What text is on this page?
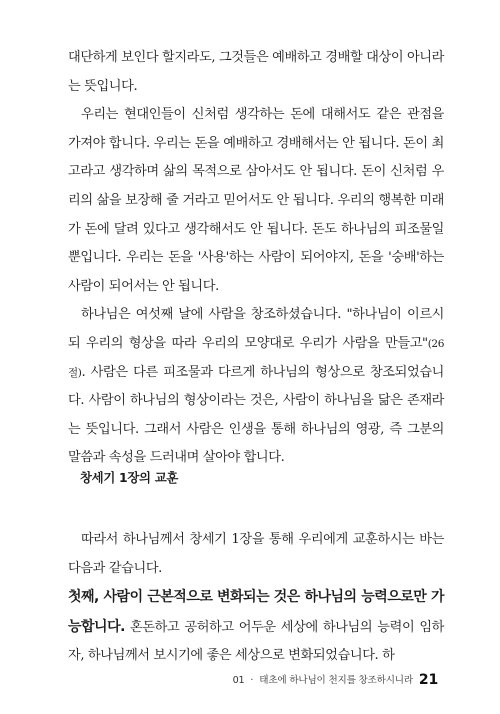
대단하게 보인다 할지라도, 그것들은 예배하고 경배할 대상이 아니라는 뜻입니다.

우리는 현대인들이 신처럼 생각하는 돈에 대해서도 같은 관점을 가져야 합니다. 우리는 돈을 예배하고 경배해서는 안 됩니다. 돈이 최고라고 생각하며 삶의 목적으로 삼아서도 안 됩니다. 돈이 신처럼 우리의 삶을 보장해 줄 거라고 믿어서도 안 됩니다. 우리의 행복한 미래가 돈에 달려 있다고 생각해서도 안 됩니다. 돈도 하나님의 피조물일 뿐입니다. 우리는 돈을 '사용'하는 사람이 되어야지, 돈을 '숭배'하는 사람이 되어서는 안 됩니다.

하나님은 여섯째 날에 사람을 창조하셨습니다. "하나님이 이르시되 우리의 형상을 따라 우리의 모양대로 우리가 사람을 만들고"(26절). 사람은 다른 피조물과 다르게 하나님의 형상으로 창조되었습니다. 사람이 하나님의 형상이라는 것은, 사람이 하나님을 닮은 존재라는 뜻입니다. 그래서 사람은 인생을 통해 하나님의 영광, 즉 그분의 말씀과 속성을 드러내며 살아야 합니다.

창세기 1장의 교훈

따라서 하나님께서 창세기 1장을 통해 우리에게 교훈하시는 바는 다음과 같습니다.

첫째, 사람이 근본적으로 변화되는 것은 하나님의 능력으로만 가능합니다. 혼돈하고 공허하고 어두운 세상에 하나님의 능력이 임하자, 하나님께서 보시기에 좋은 세상으로 변화되었습니다. 하

01 · 태초에 하나님이 천지를 창조하시니라 21
